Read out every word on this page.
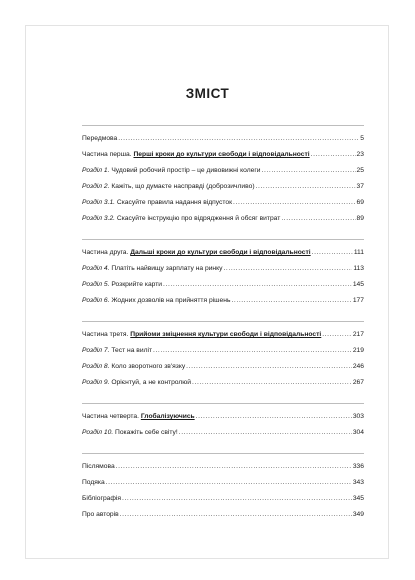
ЗМІСТ
Передмова .....	5
Частина перша. Перші кроки до культури свободи і відповідальності .....	23
Розділ 1. Чудовий робочий простір – це дивовижні колеги .....	25
Розділ 2. Кажіть, що думаєте насправді (доброзичливо) .....	37
Розділ 3.1. Скасуйте правила надання відпусток .....	69
Розділ 3.2. Скасуйте інструкцію про відрядження й обсяг витрат .....	89
Частина друга. Дальші кроки до культури свободи і відповідальності .....	111
Розділ 4. Платіть найвищу зарплату на ринку .....	113
Розділ 5. Розкрийте карти .....	145
Розділ 6. Жодних дозволів на прийняття рішень .....	177
Частина третя. Прийоми зміцнення культури свободи і відповідальності .....	217
Розділ 7. Тест на виліт .....	219
Розділ 8. Коло зворотного зв'язку .....	246
Розділ 9. Орієнтуй, а не контролюй .....	267
Частина четверта. Глобалізуючись .....	303
Розділ 10. Покажіть себе світу! .....	304
Післямова .....	336
Подяка .....	343
Бібліографія .....	345
Про авторів .....	349
